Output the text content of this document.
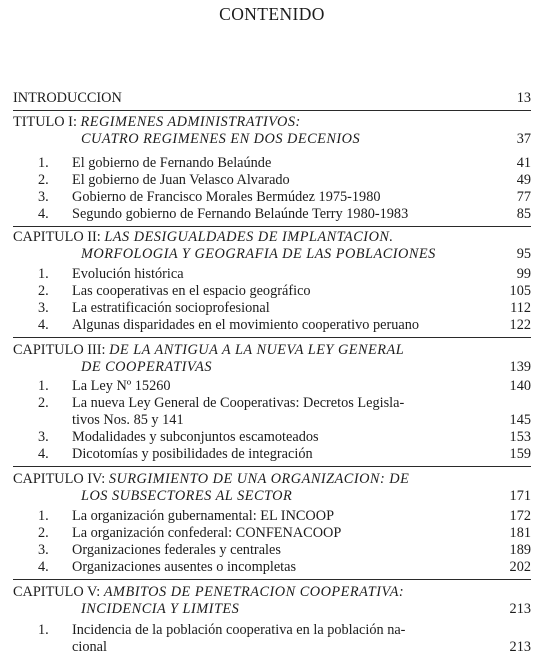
CONTENIDO
INTRODUCCION	13
TITULO I: REGIMENES ADMINISTRATIVOS:
CUATRO REGIMENES EN DOS DECENIOS	37
1. El gobierno de Fernando Belaúnde	41
2. El gobierno de Juan Velasco Alvarado	49
3. Gobierno de Francisco Morales Bermúdez 1975-1980	77
4. Segundo gobierno de Fernando Belaúnde Terry 1980-1983	85
CAPITULO II: LAS DESIGUALDADES DE IMPLANTACION.
MORFOLOGIA Y GEOGRAFIA DE LAS POBLACIONES	95
1. Evolución histórica	99
2. Las cooperativas en el espacio geográfico	105
3. La estratificación socioprofesional	112
4. Algunas disparidades en el movimiento cooperativo peruano	122
CAPITULO III: DE LA ANTIGUA A LA NUEVA LEY GENERAL
DE COOPERATIVAS	139
1. La Ley Nº 15260	140
2. La nueva Ley General de Cooperativas: Decretos Legisla-
tivos Nos. 85 y 141	145
3. Modalidades y subconjuntos escamoteados	153
4. Dicotomías y posibilidades de integración	159
CAPITULO IV: SURGIMIENTO DE UNA ORGANIZACION: DE
LOS SUBSECTORES AL SECTOR	171
1. La organización gubernamental: EL INCOOP	172
2. La organización confederal: CONFENACOOP	181
3. Organizaciones federales y centrales	189
4. Organizaciones ausentes o incompletas	202
CAPITULO V: AMBITOS DE PENETRACION COOPERATIVA:
INCIDENCIA Y LIMITES	213
1. Incidencia de la población cooperativa en la población na-
cional	213
